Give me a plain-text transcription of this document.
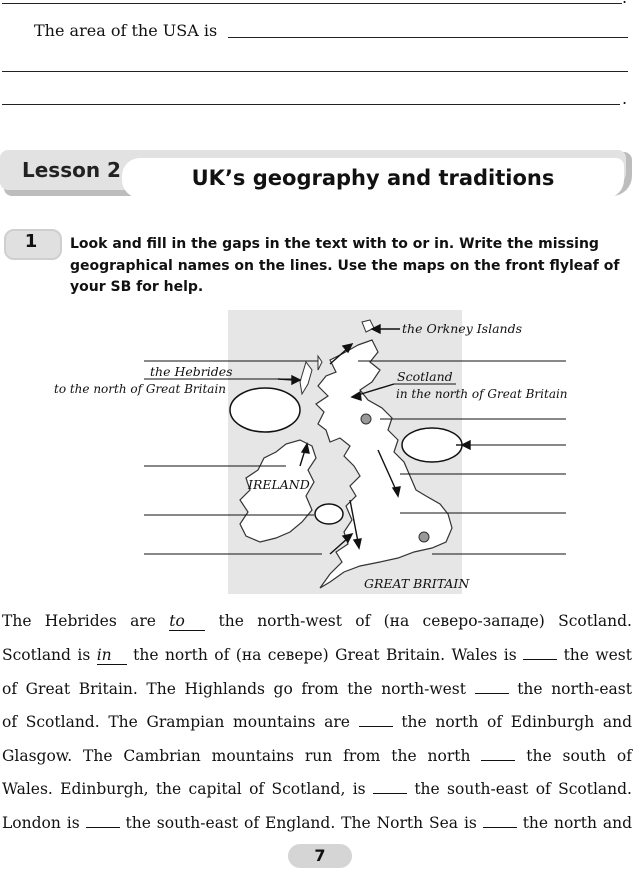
The area of the USA is
.
Lesson 2	UK’s geography and traditions
1	Look and fill in the gaps in the text with to or in. Write the missing geographical names on the lines. Use the maps on the front flyleaf of your SB for help.
the Orkney Islands
the Hebrides
to the north of Great Britain
Scotland
in the north of Great Britain
IRELAND
GREAT BRITAIN
The Hebrides are to the north-west of (на северо-западе) Scotland.
Scotland is in the north of (на севере) Great Britain. Wales is	the west
of Great Britain. The Highlands go from the north-west	the north-east
of Scotland. The Grampian mountains are	the north of Edinburgh and
Glasgow. The Cambrian mountains run from the north	the south of
Wales. Edinburgh, the capital of Scotland, is	the south-east of Scotland.
London is	the south-east of England. The North Sea is	the north and
7
